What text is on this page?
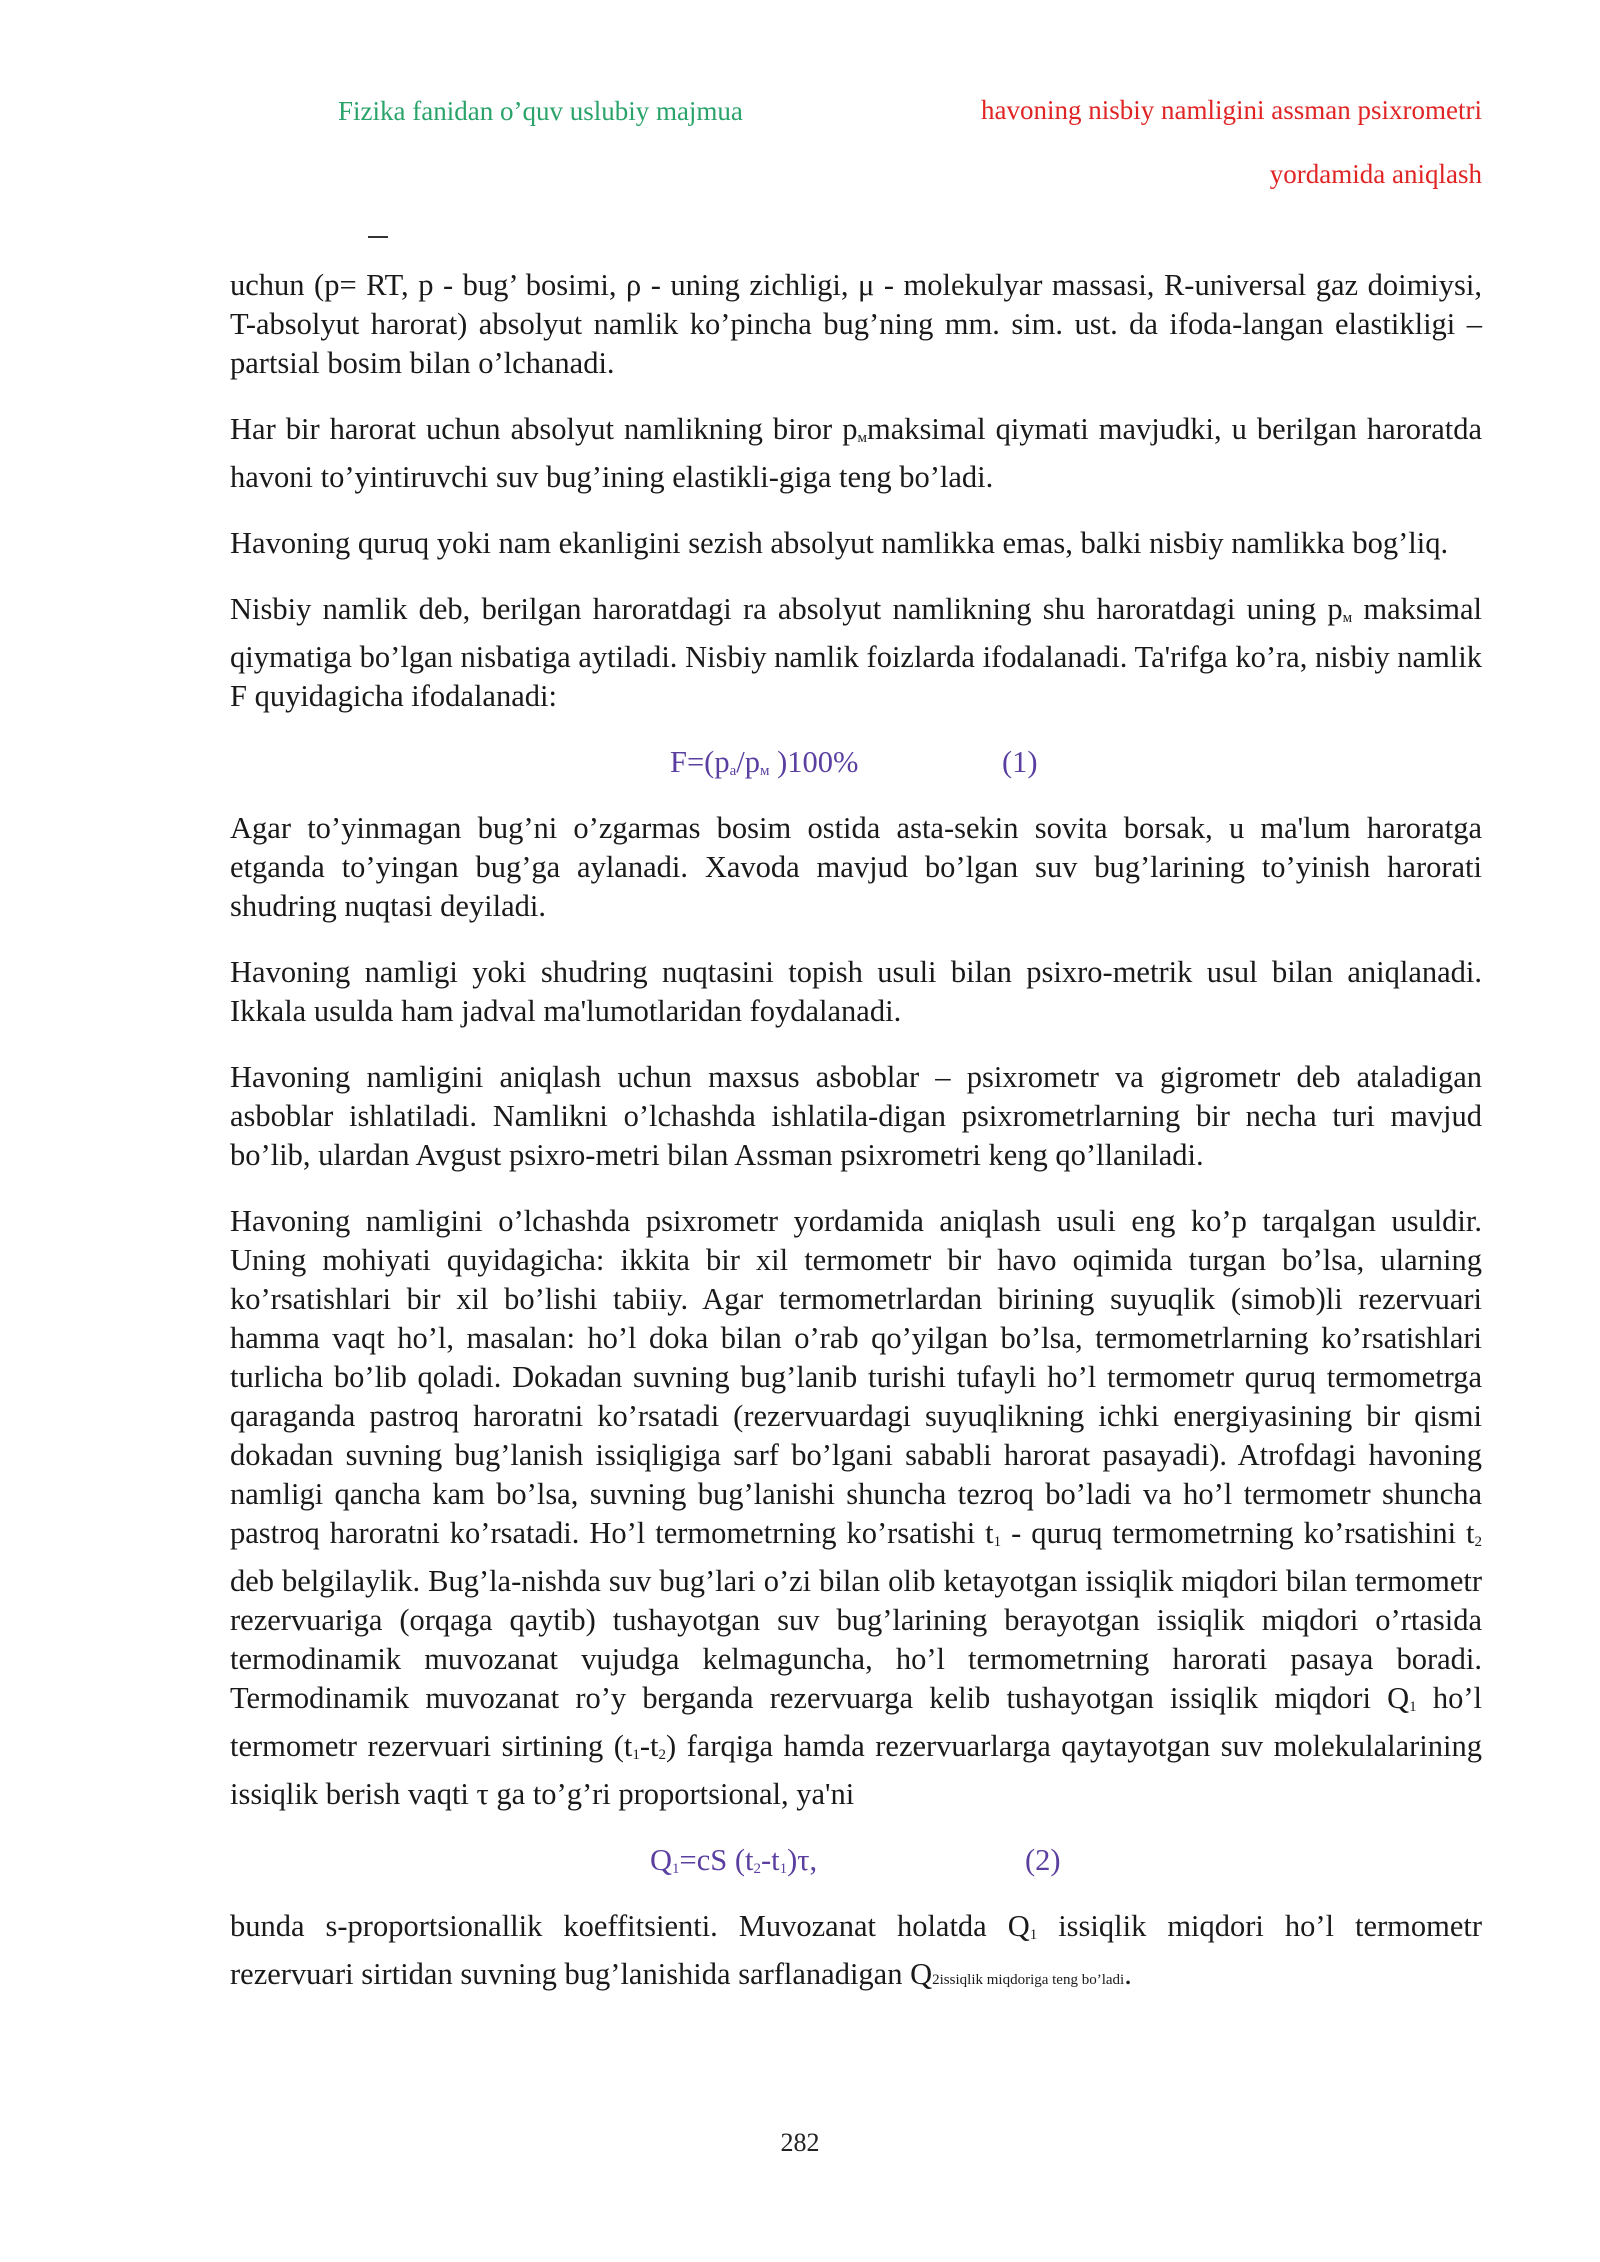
Fizika fanidan o’quv uslubiy majmua	havoning nisbiy namligini assman psixrometri
yordamida aniqlash

uchun (p= RT, p - bug’ bosimi, ρ - uning zichligi, μ - molekulyar massasi, R-universal gaz doimiysi, T-absolyut harorat) absolyut namlik ko’pincha bug’ning mm. sim. ust. da ifoda-langan elastikligi – partsial bosim bilan o’lchanadi.

Har bir harorat uchun absolyut namlikning biror $p_мmaksimal$ qiymati mavjudki, u berilgan haroratda havoni to’yintiruvchi suv bug’ining elastikli-giga teng bo’ladi.

Havoning quruq yoki nam ekanligini sezish absolyut namlikka emas, balki nisbiy namlikka bog’liq.

Nisbiy namlik deb, berilgan haroratdagi ra absolyut namlikning shu haroratdagi uning $p_м$ maksimal qiymatiga bo’lgan nisbatiga aytiladi. Nisbiy namlik foizlarda ifodalanadi. Ta'rifga ko’ra, nisbiy namlik F quyidagicha ifodalanadi:

$F=(p_a/p_м$ )100%	(1)

Agar to’yinmagan bug’ni o’zgarmas bosim ostida asta-sekin sovita borsak, u ma'lum haroratga etganda to’yingan bug’ga aylanadi. Xavoda mavjud bo’lgan suv bug’larining to’yinish harorati shudring nuqtasi deyiladi.

Havoning namligi yoki shudring nuqtasini topish usuli bilan psixro-metrik usul bilan aniqlanadi. Ikkala usulda ham jadval ma'lumotlaridan foydalanadi.

Havoning namligini aniqlash uchun maxsus asboblar – psixrometr va gigrometr deb ataladigan asboblar ishlatiladi. Namlikni o’lchashda ishlatila-digan psixrometrlarning bir necha turi mavjud bo’lib, ulardan Avgust psixro-metri bilan Assman psixrometri keng qo’llaniladi.

Havoning namligini o’lchashda psixrometr yordamida aniqlash usuli eng ko’p tarqalgan usuldir. Uning mohiyati quyidagicha: ikkita bir xil termometr bir havo oqimida turgan bo’lsa, ularning ko’rsatishlari bir xil bo’lishi tabiiy. Agar termometrlardan birining suyuqlik (simob)li rezervuari hamma vaqt ho’l, masalan: ho’l doka bilan o’rab qo’yilgan bo’lsa, termometrlarning ko’rsatishlari turlicha bo’lib qoladi. Dokadan suvning bug’lanib turishi tufayli ho’l termometr quruq termometrga qaraganda pastroq haroratni ko’rsatadi (rezervuardagi suyuqlikning ichki energiyasining bir qismi dokadan suvning bug’lanish issiqligiga sarf bo’lgani sababli harorat pasayadi). Atrofdagi havoning namligi qancha kam bo’lsa, suvning bug’lanishi shuncha tezroq bo’ladi va ho’l termometr shuncha pastroq haroratni ko’rsatadi. Ho’l termometrning ko’rsatishi $t_1$ - quruq termometrning ko’rsatishini $t_2$ deb belgilaylik. Bug’la-nishda suv bug’lari o’zi bilan olib ketayotgan issiqlik miqdori bilan termometr rezervuariga (orqaga qaytib) tushayotgan suv bug’larining berayotgan issiqlik miqdori o’rtasida termodinamik muvozanat vujudga kelmaguncha, ho’l termometrning harorati pasaya boradi. Termodinamik muvozanat ro’y berganda rezervuarga kelib tushayotgan issiqlik miqdori $Q_1$ ho’l termometr rezervuari sirtining $(t_1-t_2)$ farqiga hamda rezervuarlarga qaytayotgan suv molekulalarining issiqlik berish vaqti τ ga to’g’ri proportsional, ya'ni

$Q_1=cS$ $(t_2-t_1)\tau$,	(2)

bunda s-proportsionallik koeffitsienti. Muvozanat holatda $Q_1$ issiqlik miqdori ho’l termometr rezervuari sirtidan suvning bug’lanishida sarflanadigan Q2issiqlik miqdoriga teng bo’ladi.

282
